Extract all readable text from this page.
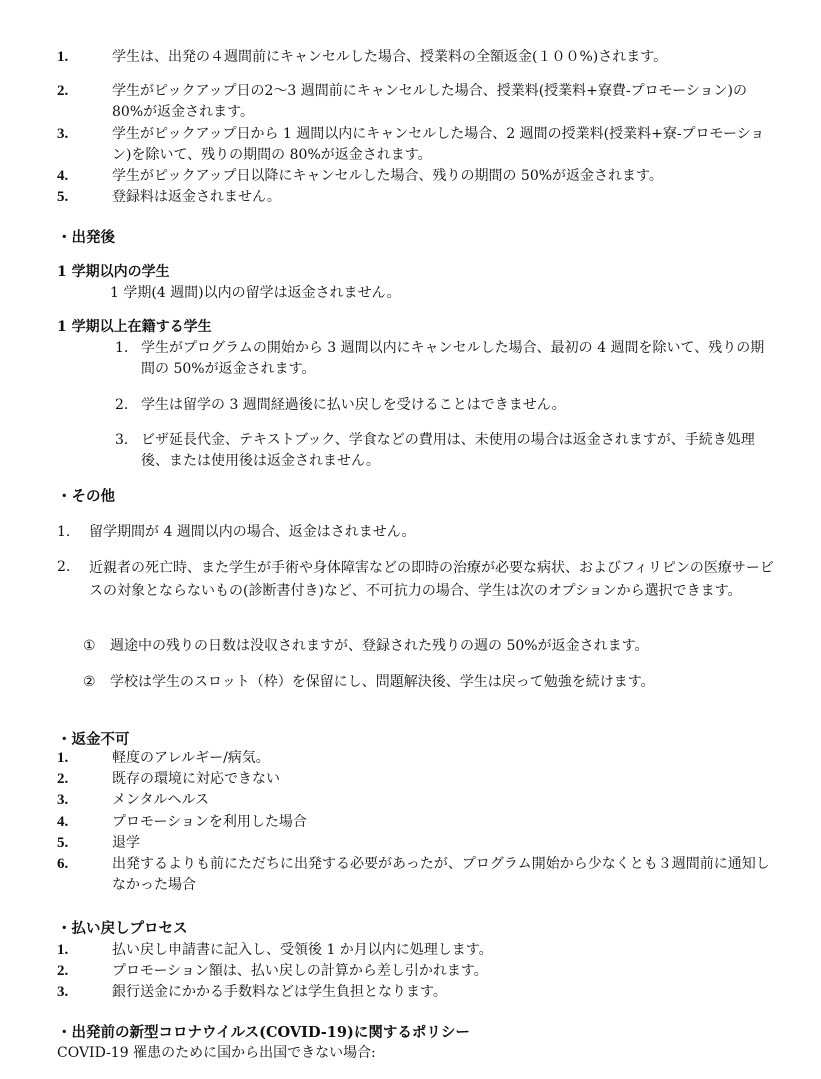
1.	学生は、出発の４週間前にキャンセルした場合、授業料の全額返金(１００%)されます。
2.	学生がピックアップ日の2〜3 週間前にキャンセルした場合、授業料(授業料+寮費-プロモーション)の 80%が返金されます。
3.	学生がピックアップ日から 1 週間以内にキャンセルした場合、2 週間の授業料(授業料+寮-プロモーション)を除いて、残りの期間の 80%が返金されます。
4.	学生がピックアップ日以降にキャンセルした場合、残りの期間の 50%が返金されます。
5.	登録料は返金されません。
・出発後
1 学期以内の学生
1 学期(4 週間)以内の留学は返金されません。
1 学期以上在籍する学生
1. 学生がプログラムの開始から 3 週間以内にキャンセルした場合、最初の 4 週間を除いて、残りの期間の 50%が返金されます。
2. 学生は留学の 3 週間経過後に払い戻しを受けることはできません。
3. ビザ延長代金、テキストブック、学食などの費用は、未使用の場合は返金されますが、手続き処理後、または使用後は返金されません。
・その他
1. 留学期間が 4 週間以内の場合、返金はされません。
2. 近親者の死亡時、また学生が手術や身体障害などの即時の治療が必要な病状、およびフィリピンの医療サービスの対象とならないもの(診断書付き)など、不可抗力の場合、学生は次のオプションから選択できます。
① 週途中の残りの日数は没収されますが、登録された残りの週の 50%が返金されます。
② 学校は学生のスロット（枠）を保留にし、問題解決後、学生は戻って勉強を続けます。
・返金不可
1.	軽度のアレルギー/病気。
2.	既存の環境に対応できない
3.	メンタルヘルス
4.	プロモーションを利用した場合
5.	退学
6.	出発するよりも前にただちに出発する必要があったが、プログラム開始から少なくとも３週間前に通知しなかった場合
・払い戻しプロセス
1.	払い戻し申請書に記入し、受領後 1 か月以内に処理します。
2.	プロモーション額は、払い戻しの計算から差し引かれます。
3.	銀行送金にかかる手数料などは学生負担となります。
・出発前の新型コロナウイルス(COVID-19)に関するポリシー
COVID-19 罹患のために国から出国できない場合:
